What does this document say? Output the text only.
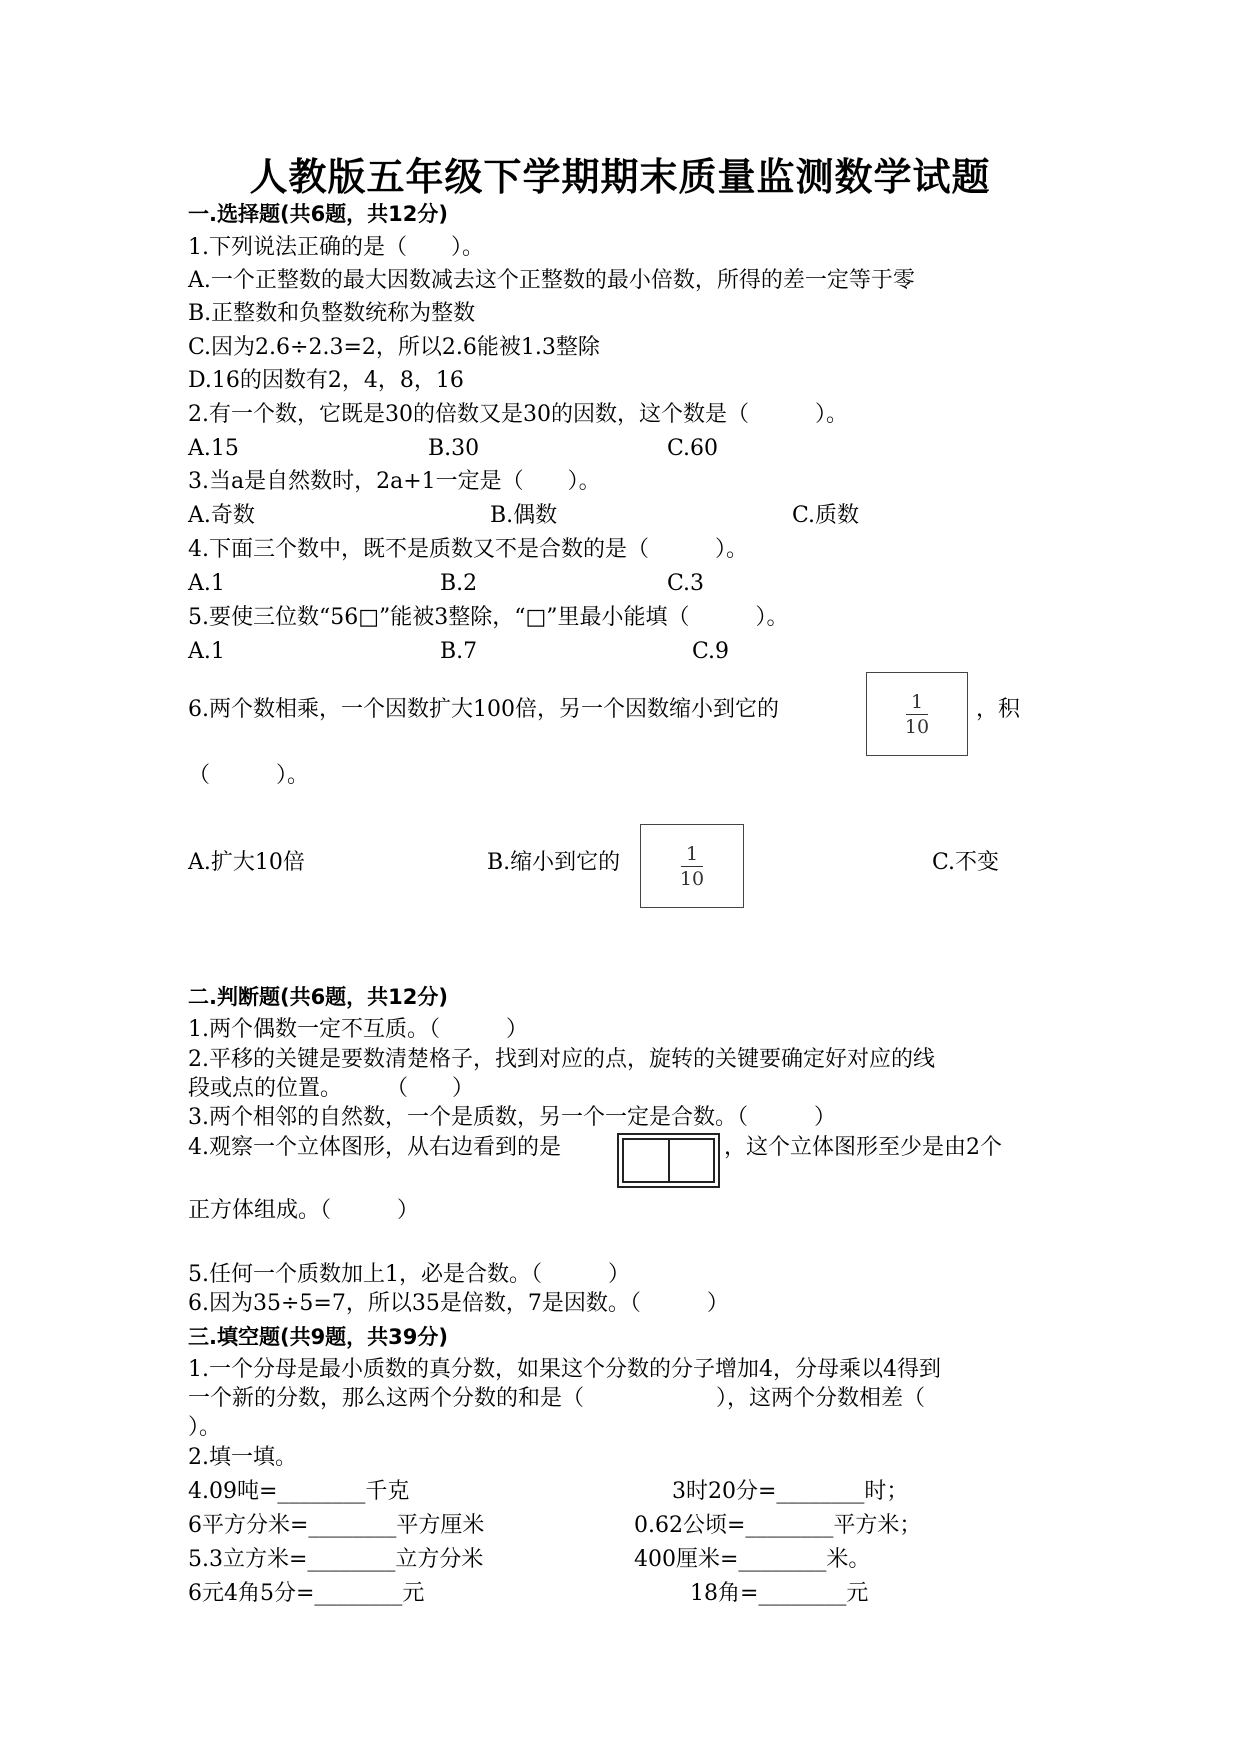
人教版五年级下学期期末质量监测数学试题
一.选择题(共6题，共12分)
1.下列说法正确的是（　　）。
A.一个正整数的最大因数减去这个正整数的最小倍数，所得的差一定等于零
B.正整数和负整数统称为整数
C.因为2.6÷2.3=2，所以2.6能被1.3整除
D.16的因数有2，4，8，16
2.有一个数，它既是30的倍数又是30的因数，这个数是（　　　）。
A.15	B.30	C.60
3.当a是自然数时，2a+1一定是（　　）。
A.奇数	B.偶数	C.质数
4.下面三个数中，既不是质数又不是合数的是（　　　）。
A.1	B.2	C.3
5.要使三位数“56□”能被3整除，“□”里最小能填（　　　）。
A.1	B.7	C.9
6.两个数相乘，一个因数扩大100倍，另一个因数缩小到它的	$\frac{1}{10}$ ，积
（　　　）。
A.扩大10倍	B.缩小到它的	$\frac{1}{10}$	C.不变
二.判断题(共6题，共12分)
1.两个偶数一定不互质。（　　　）
2.平移的关键是要数清楚格子，找到对应的点，旋转的关键要确定好对应的线
段或点的位置。　　　（　　）
3.两个相邻的自然数，一个是质数，另一个一定是合数。（　　　）
4.观察一个立体图形，从右边看到的是	，这个立体图形至少是由2个
正方体组成。（　　　）
5.任何一个质数加上1，必是合数。（　　　）
6.因为35÷5=7，所以35是倍数，7是因数。（　　　）
三.填空题(共9题，共39分)
1.一个分母是最小质数的真分数，如果这个分数的分子增加4，分母乘以4得到
一个新的分数，那么这两个分数的和是（　　　　　　），这两个分数相差（
）。
2.填一填。
4.09吨=________千克	3时20分=________时；
6平方分米=________平方厘米	0.62公顷=________平方米；
5.3立方米=________立方分米	400厘米=________米。
6元4角5分=________元	18角=________元
